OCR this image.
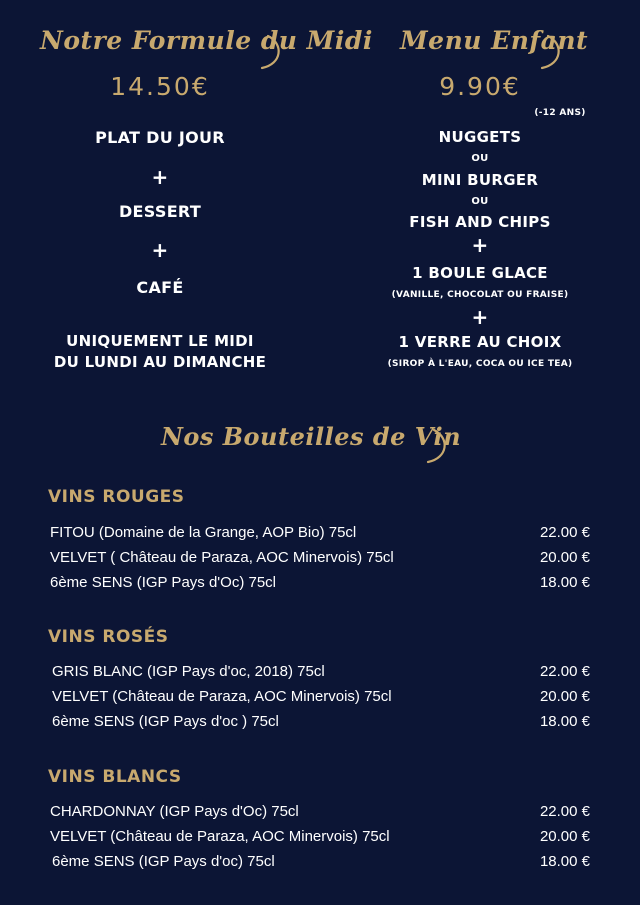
Notre Formule du Midi
14.50€
PLAT DU JOUR
+
DESSERT
+
CAFÉ
UNIQUEMENT LE MIDI
DU LUNDI AU DIMANCHE
Menu Enfant
9.90€
(-12 ANS)
NUGGETS
OU
MINI BURGER
OU
FISH AND CHIPS
+
1 BOULE GLACE
(VANILLE, CHOCOLAT OU FRAISE)
+
1 VERRE AU CHOIX
(SIROP À L'EAU, COCA OU ICE TEA)
Nos Bouteilles de Vin
VINS ROUGES
FITOU (Domaine de la Grange, AOP Bio) 75cl	22.00 €
VELVET ( Château de Paraza, AOC Minervois) 75cl	20.00 €
6ème SENS (IGP Pays d'Oc) 75cl	18.00 €
VINS ROSÉS
GRIS BLANC (IGP Pays d'oc, 2018) 75cl	22.00 €
VELVET (Château de Paraza, AOC Minervois) 75cl	20.00 €
6ème SENS (IGP Pays d'oc ) 75cl	18.00 €
VINS BLANCS
CHARDONNAY (IGP Pays d'Oc) 75cl	22.00 €
VELVET (Château de Paraza, AOC Minervois) 75cl	20.00 €
6ème SENS (IGP Pays d'oc) 75cl	18.00 €
